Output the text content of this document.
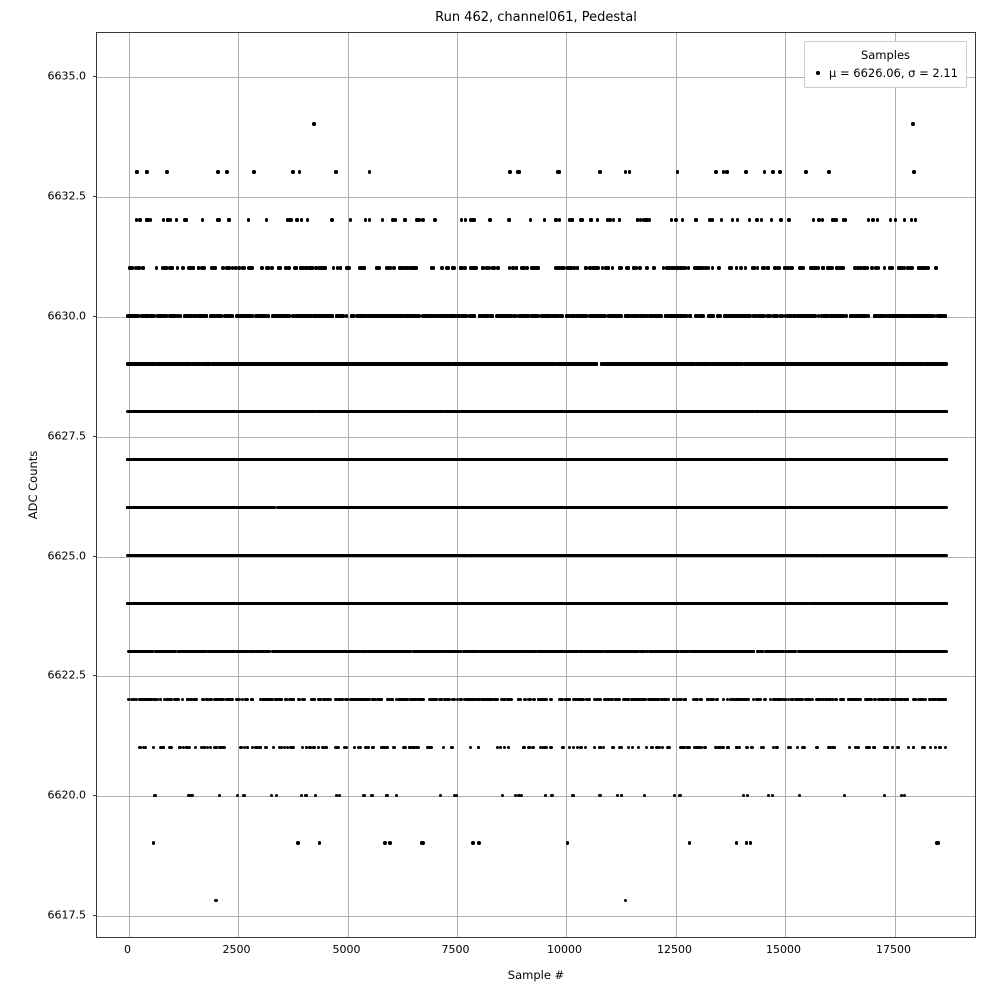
Run 462, channel061, Pedestal
ADC Counts
Sample #
0	2500	5000	7500	10000	12500	15000	17500
6617.5
6620.0
6622.5
6625.0
6627.5
6630.0
6632.5
6635.0
Samples
μ = 6626.06, σ = 2.11
